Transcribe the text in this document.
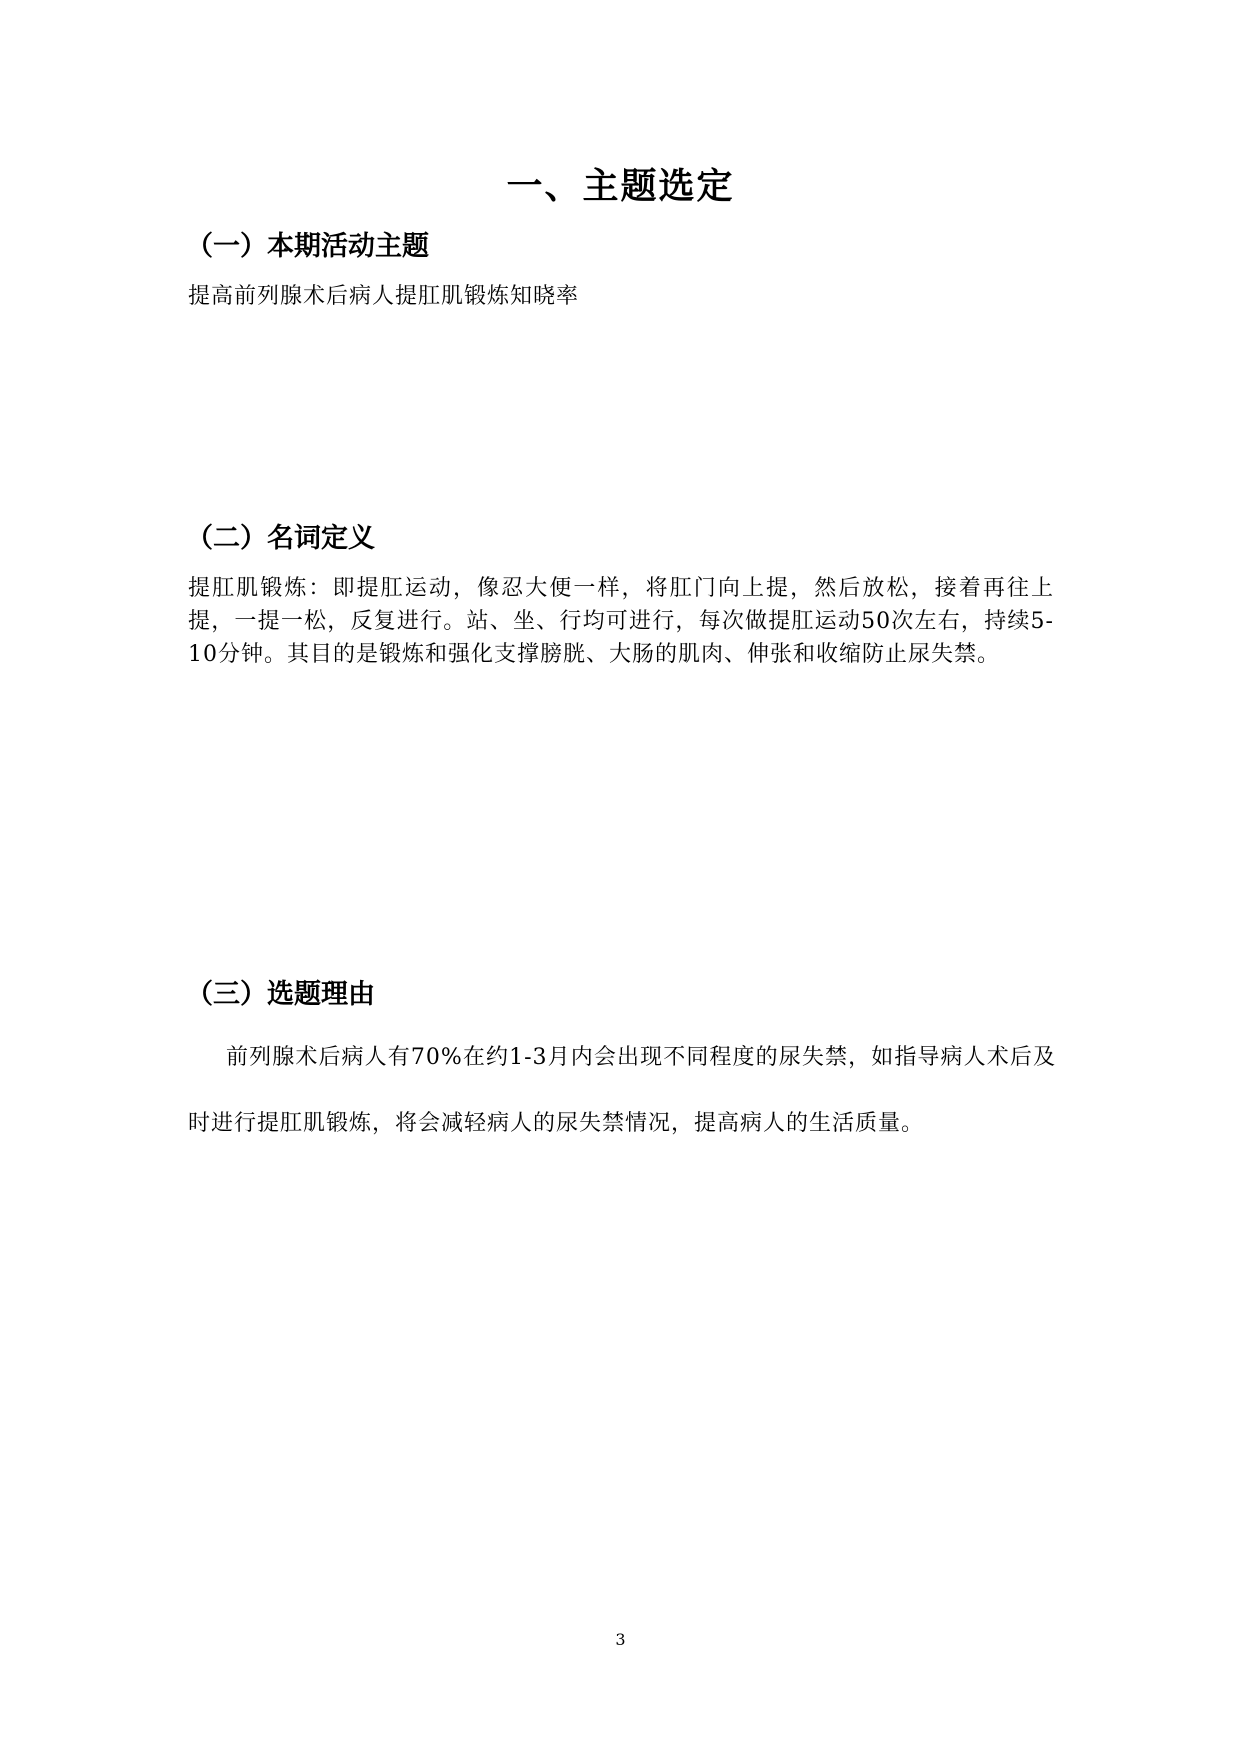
一、主题选定
（一）本期活动主题

提高前列腺术后病人提肛肌锻炼知晓率

（二）名词定义

提肛肌锻炼：即提肛运动，像忍大便一样，将肛门向上提，然后放松，接着再往上提，一提一松，反复进行。站、坐、行均可进行，每次做提肛运动50次左右，持续5-10分钟。其目的是锻炼和强化支撑膀胱、大肠的肌肉、伸张和收缩防止尿失禁。

（三）选题理由

前列腺术后病人有70%在约1-3月内会出现不同程度的尿失禁，如指导病人术后及时进行提肛肌锻炼，将会减轻病人的尿失禁情况，提高病人的生活质量。

3
